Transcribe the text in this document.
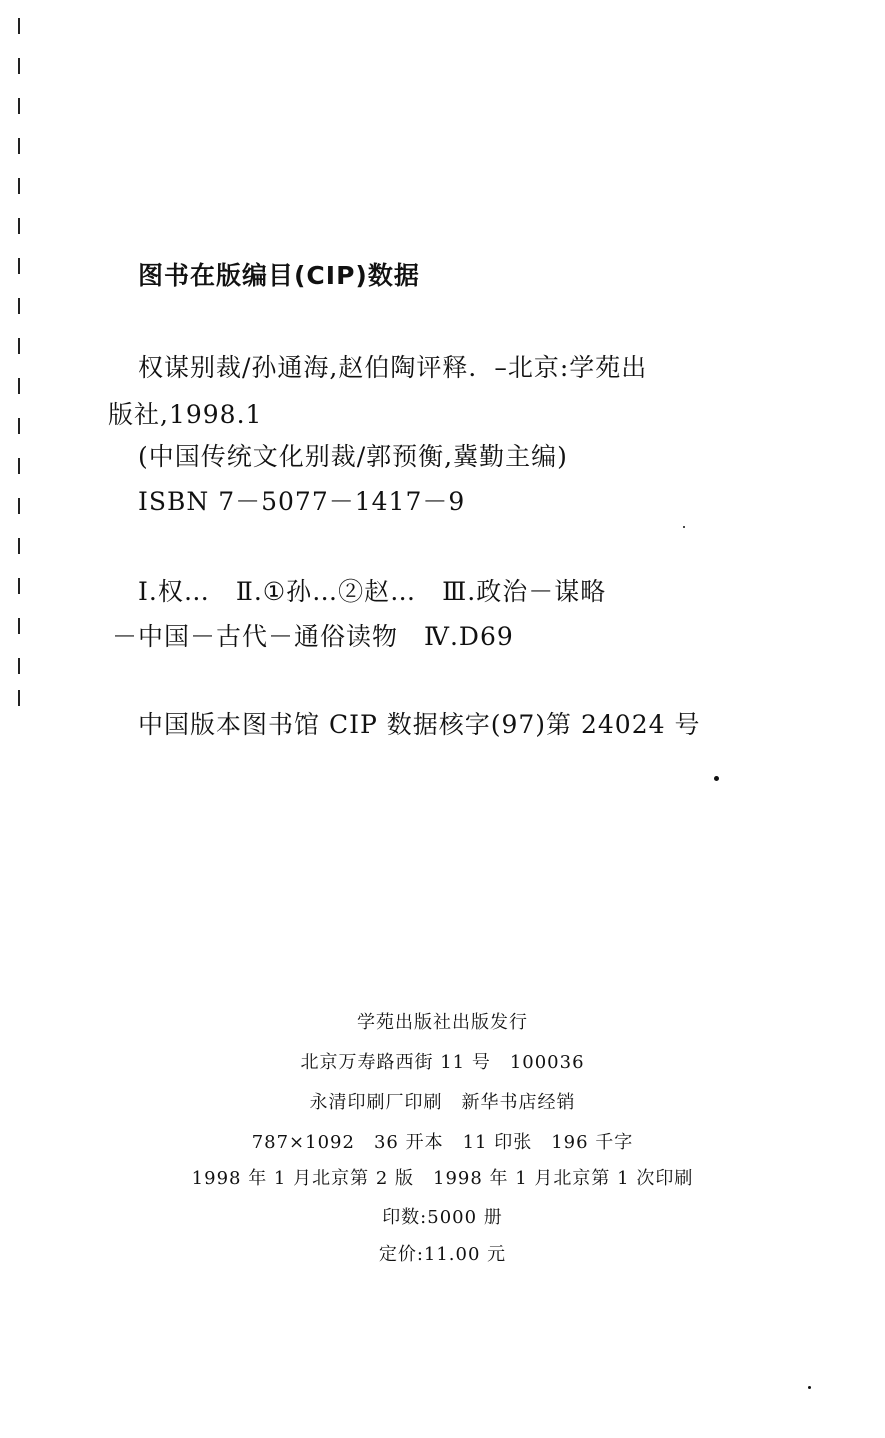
图书在版编目(CIP)数据
权谋别裁/孙通海,赵伯陶评释．–北京:学苑出
版社,1998.1
(中国传统文化别裁/郭预衡,冀勤主编)
ISBN 7－5077－1417－9
Ⅰ.权…　Ⅱ.①孙…②赵…　Ⅲ.政治－谋略
－中国－古代－通俗读物　Ⅳ.D69
中国版本图书馆 CIP 数据核字(97)第 24024 号
学苑出版社出版发行
北京万寿路西街 11 号　100036
永清印刷厂印刷　新华书店经销
787×1092　36 开本　11 印张　196 千字
1998 年 1 月北京第 2 版　1998 年 1 月北京第 1 次印刷
印数:5000 册
定价:11.00 元
